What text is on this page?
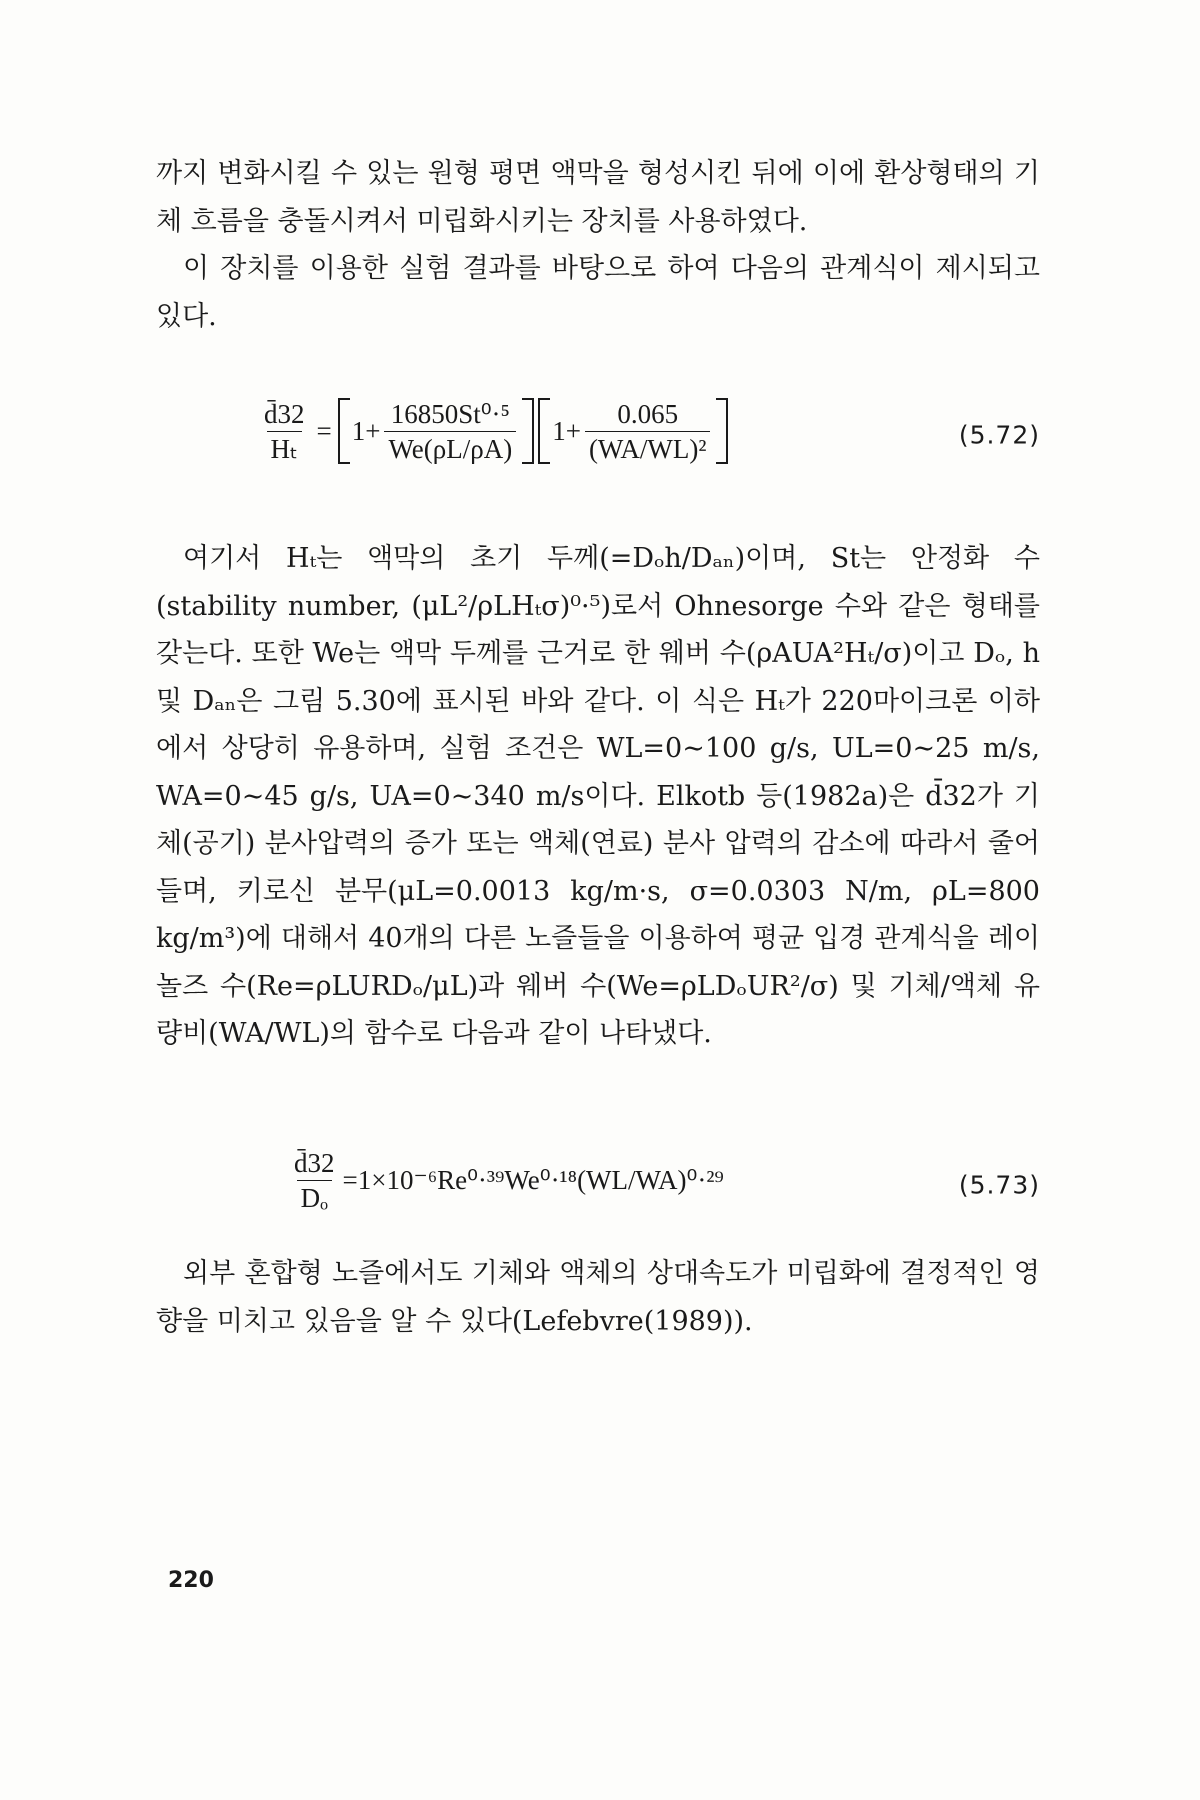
까지 변화시킬 수 있는 원형 평면 액막을 형성시킨 뒤에 이에 환상형태의 기체 흐름을 충돌시켜서 미립화시키는 장치를 사용하였다.

이 장치를 이용한 실험 결과를 바탕으로 하여 다음의 관계식이 제시되고 있다.

$\frac{d̄32}{\text{Hₜ}} = 1+ \frac{\text{16850St⁰·⁵}}{We(\rho L/\rho A)} 1+ \frac{0.065}{\text{(WA/WL)²}}$	(5.72)

여기서 Hₜ는 액막의 초기 두께(=Dₒh/Dₐₙ)이며, St는 안정화 수(stability number, (μL²/ρLHₜσ)⁰·⁵)로서 Ohnesorge 수와 같은 형태를 갖는다. 또한 We는 액막 두께를 근거로 한 웨버 수(ρAUA²Hₜ/σ)이고 Dₒ, h 및 Dₐₙ은 그림 5.30에 표시된 바와 같다. 이 식은 Hₜ가 220마이크론 이하에서 상당히 유용하며, 실험 조건은 WL=0∼100 g/s, UL=0∼25 m/s, WA=0∼45 g/s, UA=0∼340 m/s이다. Elkotb 등(1982a)은 d̄32가 기체(공기) 분사압력의 증가 또는 액체(연료) 분사 압력의 감소에 따라서 줄어들며, 키로신 분무(μL=0.0013 kg/m·s, σ=0.0303 N/m, ρL=800 kg/m³)에 대해서 40개의 다른 노즐들을 이용하여 평균 입경 관계식을 레이놀즈 수(Re=ρLURDₒ/μL)과 웨버 수(We=ρLDₒUR²/σ) 및 기체/액체 유량비(WA/WL)의 함수로 다음과 같이 나타냈다.

$\frac{d̄32}{\text{Dₒ}} =1\times 10^{-6}Re^0\cdot^{39}We^0\cdot^{18}(WL/WA)^0\cdot^{29}$	(5.73)

외부 혼합형 노즐에서도 기체와 액체의 상대속도가 미립화에 결정적인 영향을 미치고 있음을 알 수 있다(Lefebvre(1989)).

220
